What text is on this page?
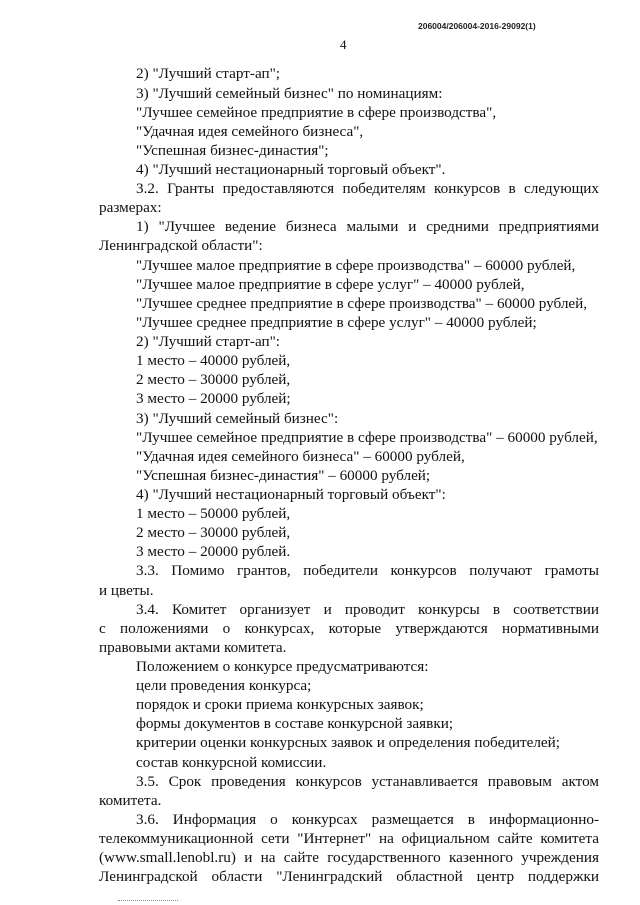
206004/206004-2016-29092(1)
4
2) "Лучший старт-ап";
3) "Лучший семейный бизнес" по номинациям:
"Лучшее семейное предприятие в сфере производства",
"Удачная идея семейного бизнеса",
"Успешная бизнес-династия";
4) "Лучший нестационарный торговый объект".
3.2. Гранты предоставляются победителям конкурсов в следующих
размерах:
1) "Лучшее ведение бизнеса малыми и средними предприятиями
Ленинградской области":
"Лучшее малое предприятие в сфере производства" – 60000 рублей,
"Лучшее малое предприятие в сфере услуг" – 40000 рублей,
"Лучшее среднее предприятие в сфере производства" – 60000 рублей,
"Лучшее среднее предприятие в сфере услуг" – 40000 рублей;
2) "Лучший старт-ап":
1 место – 40000 рублей,
2 место – 30000 рублей,
3 место – 20000 рублей;
3) "Лучший семейный бизнес":
"Лучшее семейное предприятие в сфере производства" – 60000 рублей,
"Удачная идея семейного бизнеса" – 60000 рублей,
"Успешная бизнес-династия" – 60000 рублей;
4) "Лучший нестационарный торговый объект":
1 место – 50000 рублей,
2 место – 30000 рублей,
3 место – 20000 рублей.
3.3. Помимо грантов, победители конкурсов получают грамоты
и цветы.
3.4. Комитет организует и проводит конкурсы в соответствии
с положениями о конкурсах, которые утверждаются нормативными
правовыми актами комитета.
Положением о конкурсе предусматриваются:
цели проведения конкурса;
порядок и сроки приема конкурсных заявок;
формы документов в составе конкурсной заявки;
критерии оценки конкурсных заявок и определения победителей;
состав конкурсной комиссии.
3.5. Срок проведения конкурсов устанавливается правовым актом
комитета.
3.6. Информация о конкурсах размещается в информационно-
телекоммуникационной сети "Интернет" на официальном сайте комитета
(www.small.lenobl.ru) и на сайте государственного казенного учреждения
Ленинградской области "Ленинградский областной центр поддержки
